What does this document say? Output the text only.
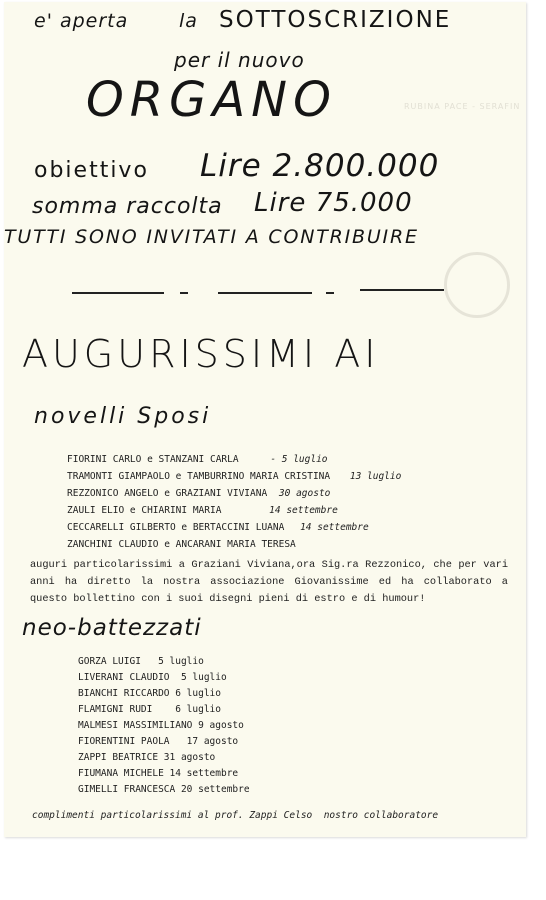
RUBINA PACE - SERAFIN
e' aperta	la SOTTOSCRIZIONE
per il nuovo
ORGANO
obiettivo Lire 2.800.000
somma raccolta Lire 75.000
TUTTI SONO INVITATI A CONTRIBUIRE
AUGURISSIMI AI
novelli Sposi
FIORINI CARLO e STANZANI CARLA	- 5 luglio
TRAMONTI GIAMPAOLO e TAMBURRINO MARIA CRISTINA 13 luglio
REZZONICO ANGELO e GRAZIANI VIVIANA 30 agosto
ZAULI ELIO e CHIARINI MARIA	14 settembre
CECCARELLI GILBERTO e BERTACCINI LUANA 14 settembre
ZANCHINI CLAUDIO e ANCARANI MARIA TERESA
auguri particolarissimi a Graziani Viviana,ora Sig.ra Rezzonico, che per vari anni ha diretto la nostra associazione Giovanissime ed ha collaborato a questo bollettino con i suoi disegni pieni di estro e di humour!
neo-battezzati
GORZA LUIGI   5 luglio
LIVERANI CLAUDIO  5 luglio
BIANCHI RICCARDO 6 luglio
FLAMIGNI RUDI    6 luglio
MALMESI MASSIMILIANO 9 agosto
FIORENTINI PAOLA   17 agosto
ZAPPI BEATRICE 31 agosto
FIUMANA MICHELE 14 settembre
GIMELLI FRANCESCA 20 settembre
complimenti particolarissimi al prof. Zappi Celso  nostro collaboratore
